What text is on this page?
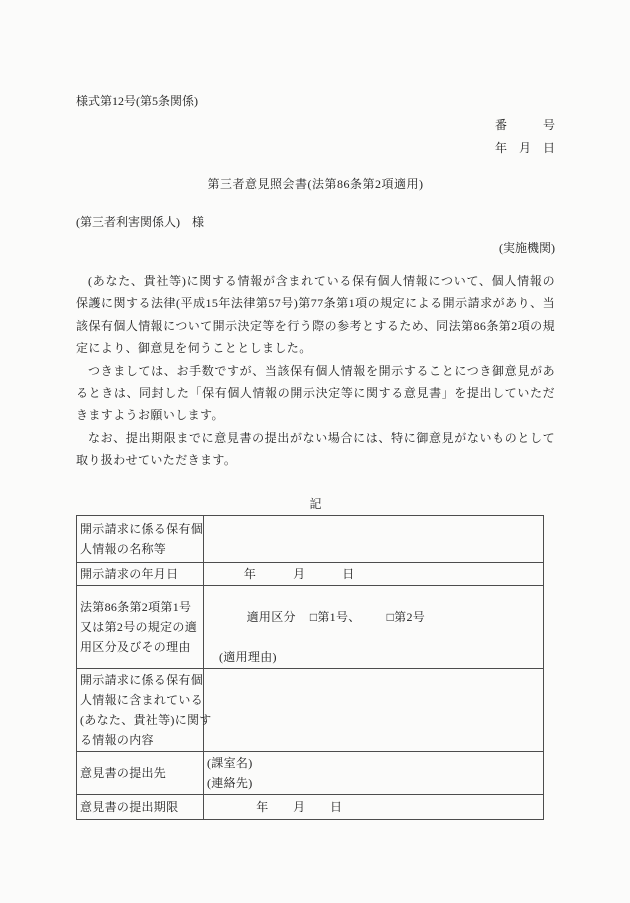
様式第12号(第5条関係)
番　　　号
年　月　日
第三者意見照会書(法第86条第2項適用)
(第三者利害関係人)　様
(実施機関)

(あなた、貴社等)に関する情報が含まれている保有個人情報について、個人情報の保護に関する法律(平成15年法律第57号)第77条第1項の規定による開示請求があり、当該保有個人情報について開示決定等を行う際の参考とするため、同法第86条第2項の規定により、御意見を伺うこととしました。

つきましては、お手数ですが、当該保有個人情報を開示することにつき御意見があるときは、同封した「保有個人情報の開示決定等に関する意見書」を提出していただきますようお願いします。

なお、提出期限までに意見書の提出がない場合には、特に御意見がないものとして取り扱わせていただきます。

記
開示請求に係る保有個
人情報の名称等	

開示請求の年月日	　　　年　　　月　　　日

法第86条第2項第1号
又は第2号の規定の適
用区分及びその理由	適用区分 □第1号、 □第2号

(適用理由)

開示請求に係る保有個
人情報に含まれている
(あなた、貴社等)に関す
る情報の内容	

意見書の提出先	(課室名)
(連絡先)

意見書の提出期限	　　　　年　　月　　日
